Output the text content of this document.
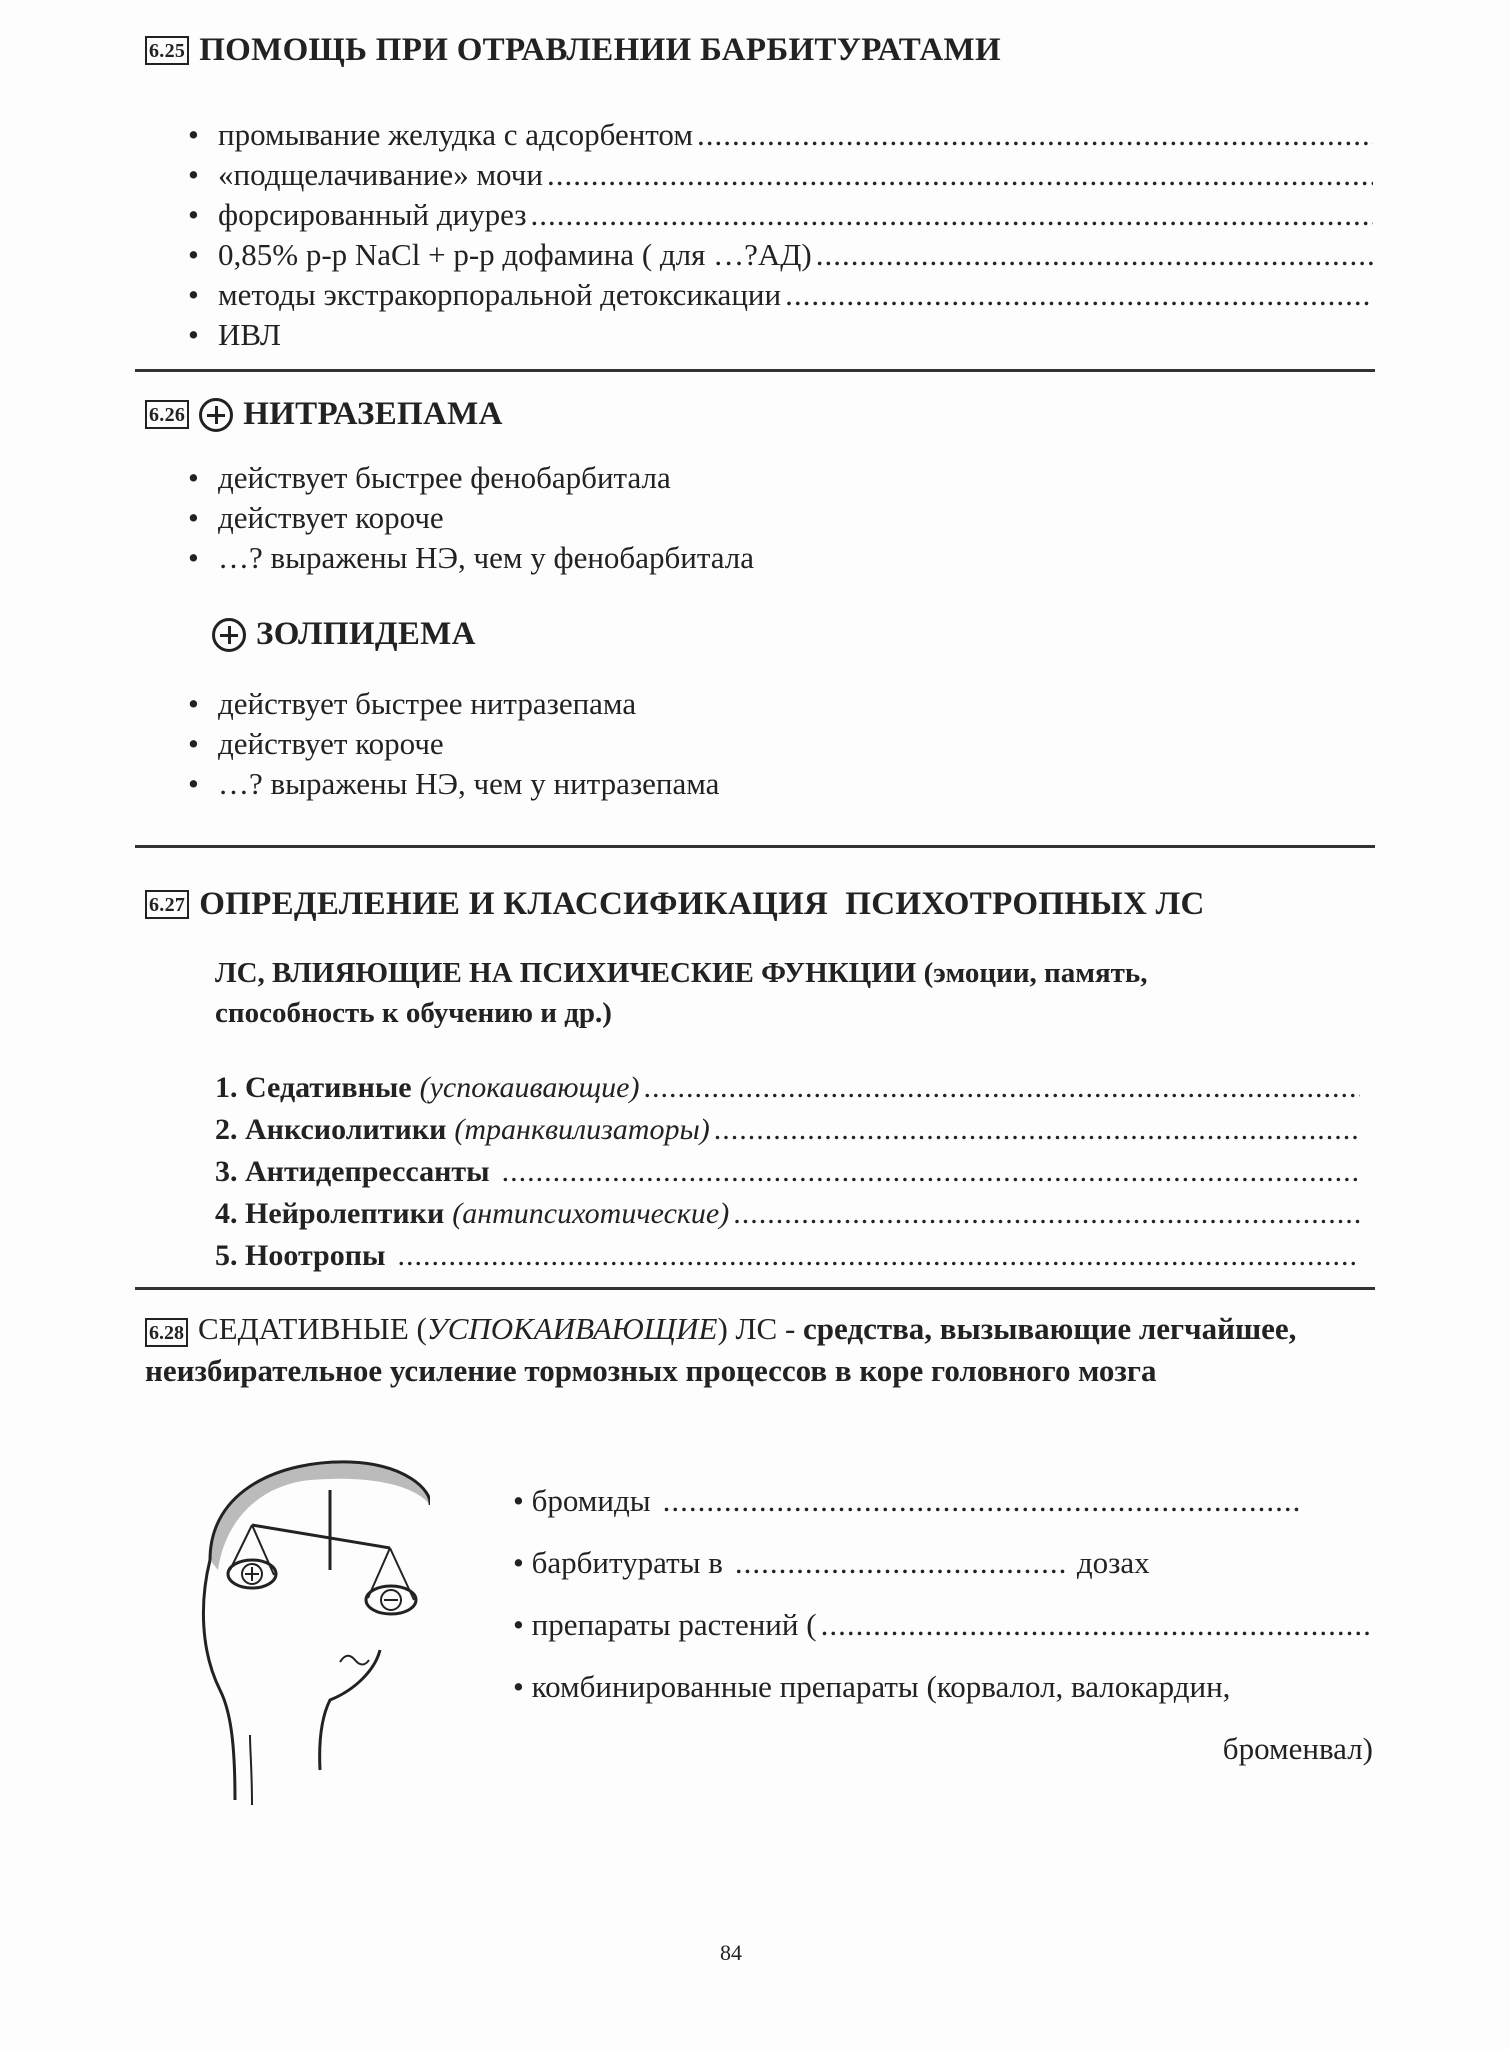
6.25 ПОМОЩЬ ПРИ ОТРАВЛЕНИИ БАРБИТУРАТАМИ
• промывание желудка с адсорбентом
.....
• «подщелачивание» мочи
.....
• форсированный диурез
.....
• 0,85% р-р NaCl + р-р дофамина ( для …?АД)
.....
• методы экстракорпоральной детоксикации
.....
• ИВЛ
6.26 НИТРАЗЕПАМА
• действует быстрее фенобарбитала
• действует короче
• …? выражены НЭ, чем у фенобарбитала
ЗОЛПИДЕМА
• действует быстрее нитразепама
• действует короче
• …? выражены НЭ, чем у нитразепама
6.27 ОПРЕДЕЛЕНИЕ И КЛАССИФИКАЦИЯ  ПСИХОТРОПНЫХ ЛС
ЛС, ВЛИЯЮЩИЕ НА ПСИХИЧЕСКИЕ ФУНКЦИИ (эмоции, память, способность к обучению и др.)
1. Седативные (успокаивающие)
.....
2. Анксиолитики (транквилизаторы)
.....
3. Антидепрессанты
.....
4. Нейролептики (антипсихотические)
.....
5. Ноотропы
.....
6.28 СЕДАТИВНЫЕ (УСПОКАИВАЮЩИЕ) ЛС - средства, вызывающие легчайшее, неизбирательное усиление тормозных процессов в коре головного мозга
• бромиды
.....
• барбитураты в
.....	дозах
• препараты растений (
.....
• комбинированные препараты (корвалол, валокардин,
броменвал)
84
